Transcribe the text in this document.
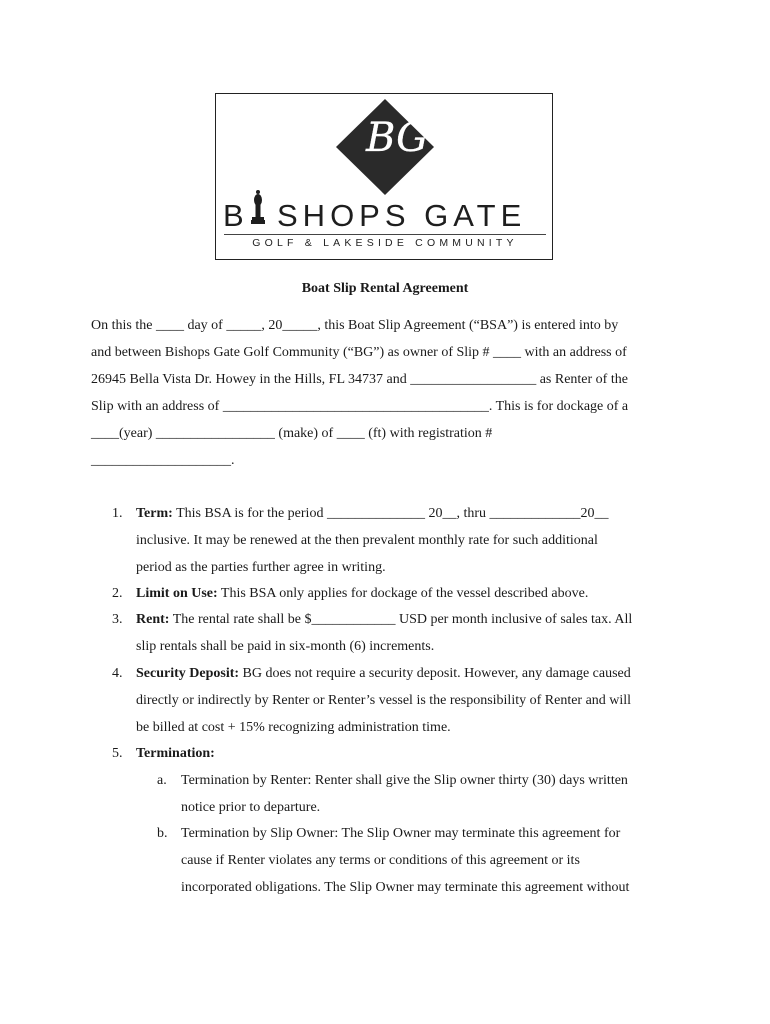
BG
B SHOPS GATE
GOLF & LAKESIDE COMMUNITY
Boat Slip Rental Agreement
On this the ____ day of _____, 20_____, this Boat Slip Agreement (“BSA”) is entered into by
and between Bishops Gate Golf Community (“BG”) as owner of Slip # ____ with an address of
26945 Bella Vista Dr. Howey in the Hills, FL 34737 and __________________ as Renter of the
Slip with an address of ______________________________________. This is for dockage of a
____(year) _________________ (make) of ____ (ft) with registration #
____________________.
1. Term: This BSA is for the period ______________ 20__, thru _____________20__
inclusive. It may be renewed at the then prevalent monthly rate for such additional
period as the parties further agree in writing.
2. Limit on Use: This BSA only applies for dockage of the vessel described above.
3. Rent: The rental rate shall be $____________ USD per month inclusive of sales tax. All
slip rentals shall be paid in six-month (6) increments.
4. Security Deposit: BG does not require a security deposit. However, any damage caused
directly or indirectly by Renter or Renter’s vessel is the responsibility of Renter and will
be billed at cost + 15% recognizing administration time.
5. Termination:
a. Termination by Renter: Renter shall give the Slip owner thirty (30) days written
notice prior to departure.
b. Termination by Slip Owner: The Slip Owner may terminate this agreement for
cause if Renter violates any terms or conditions of this agreement or its
incorporated obligations. The Slip Owner may terminate this agreement without
